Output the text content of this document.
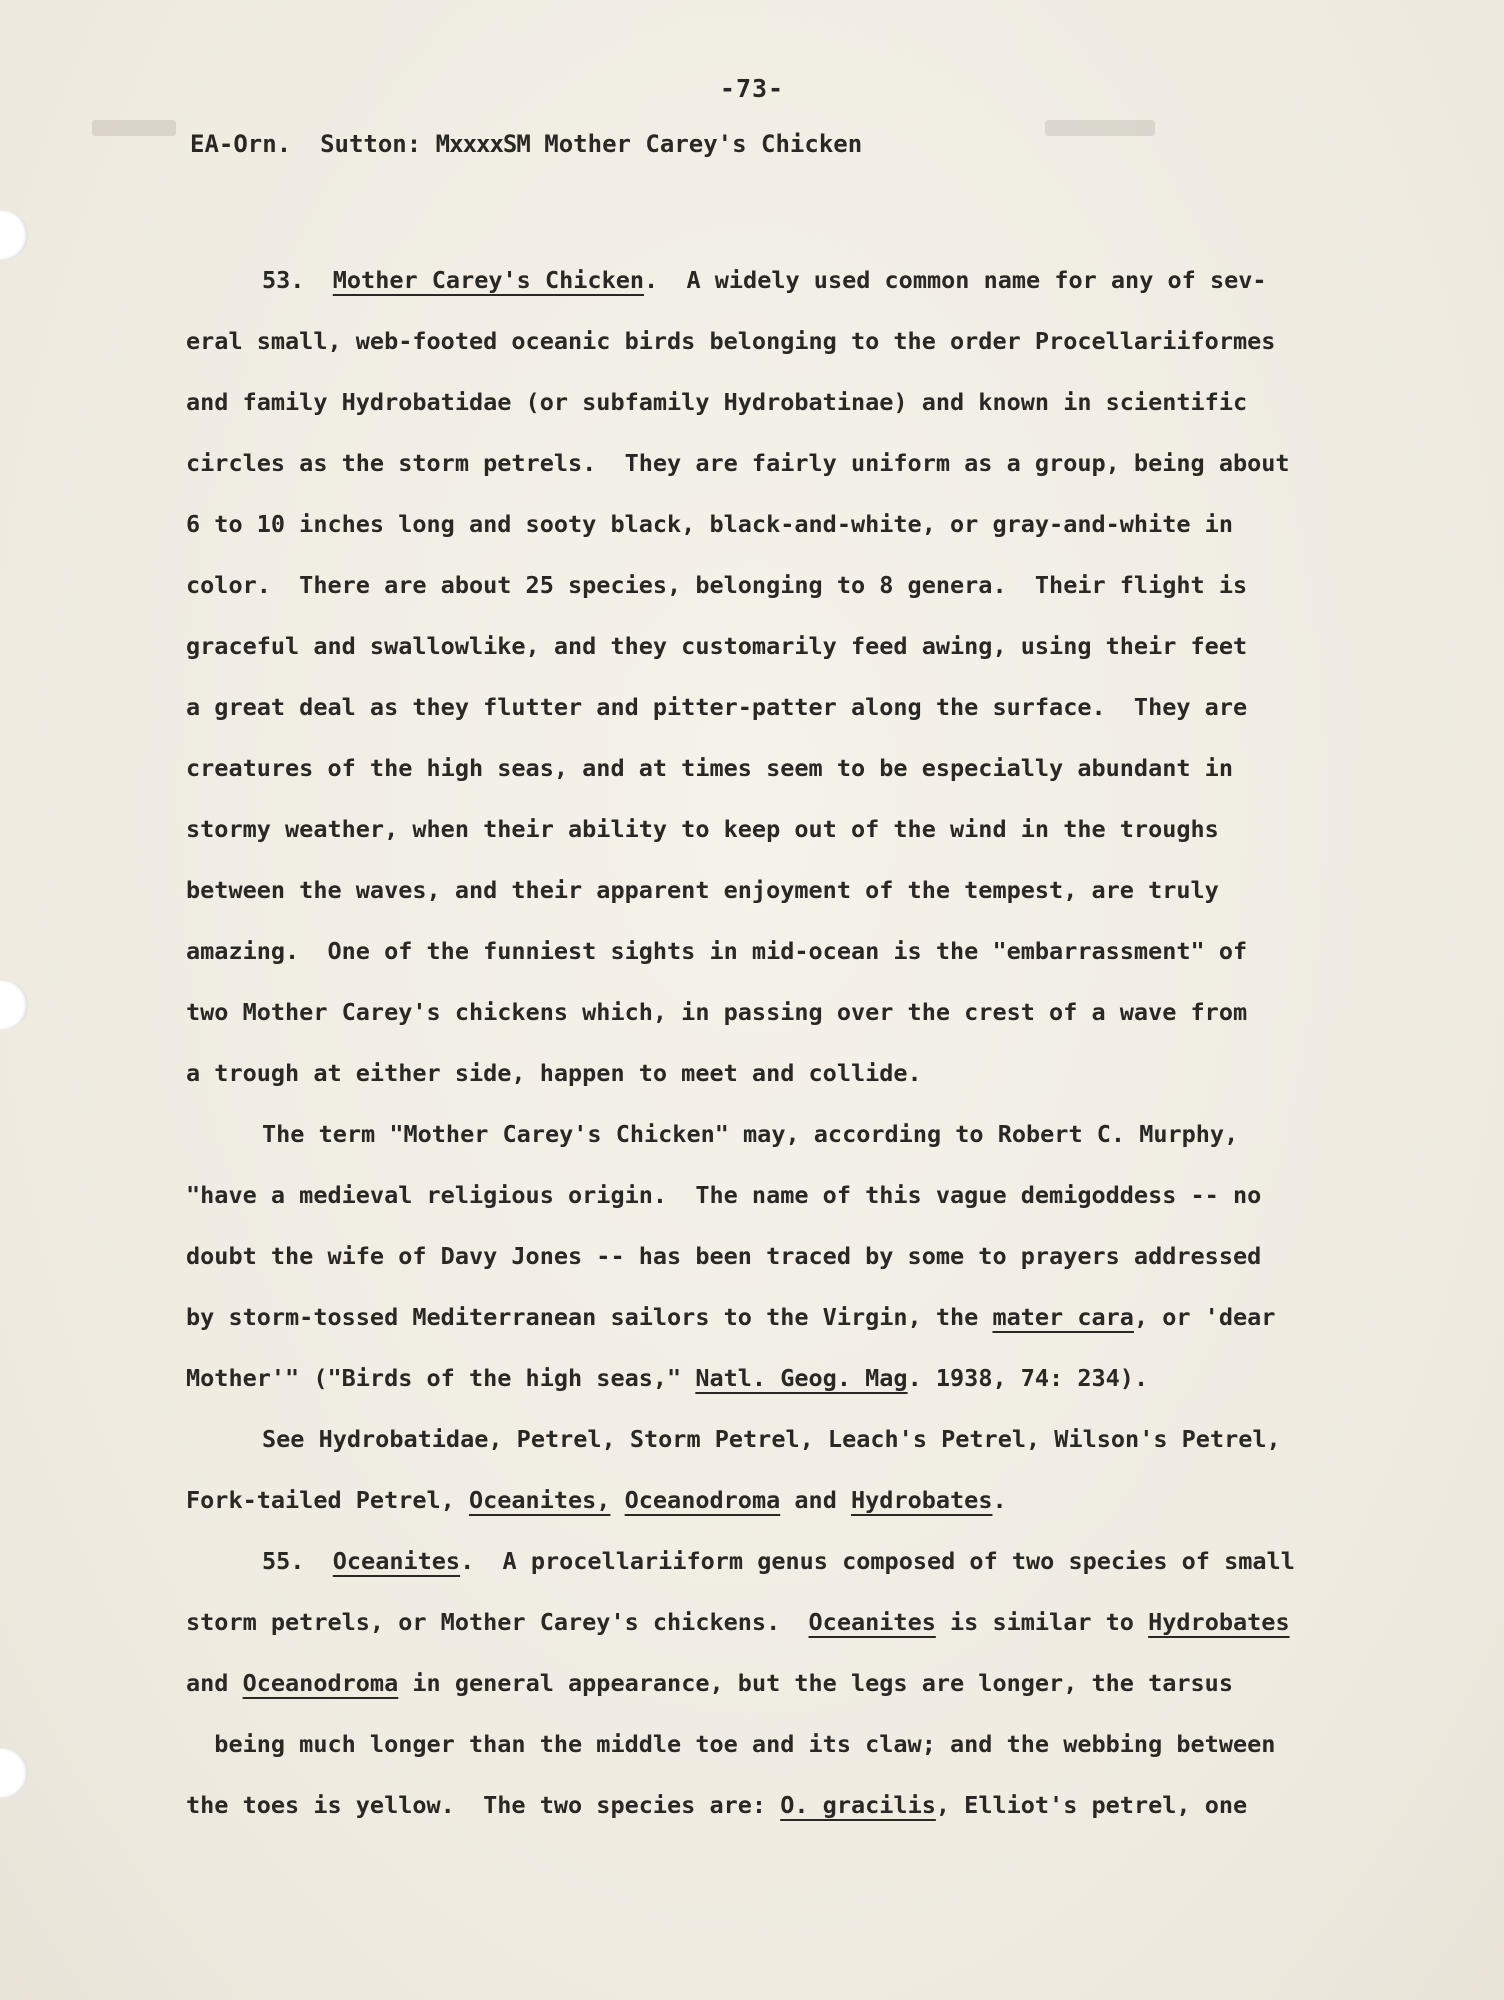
-73-
EA-Orn. Sutton: MxxxxSM Mother Carey's Chicken
53.  Mother Carey's Chicken.  A widely used common name for any of sev-
eral small, web-footed oceanic birds belonging to the order Procellariiformes
and family Hydrobatidae (or subfamily Hydrobatinae) and known in scientific
circles as the storm petrels.  They are fairly uniform as a group, being about
6 to 10 inches long and sooty black, black-and-white, or gray-and-white in
color.  There are about 25 species, belonging to 8 genera.  Their flight is
graceful and swallowlike, and they customarily feed awing, using their feet
a great deal as they flutter and pitter-patter along the surface.  They are
creatures of the high seas, and at times seem to be especially abundant in
stormy weather, when their ability to keep out of the wind in the troughs
between the waves, and their apparent enjoyment of the tempest, are truly
amazing.  One of the funniest sights in mid-ocean is the "embarrassment" of
two Mother Carey's chickens which, in passing over the crest of a wave from
a trough at either side, happen to meet and collide.
The term "Mother Carey's Chicken" may, according to Robert C. Murphy,
"have a medieval religious origin.  The name of this vague demigoddess -- no
doubt the wife of Davy Jones -- has been traced by some to prayers addressed
by storm-tossed Mediterranean sailors to the Virgin, the mater cara, or 'dear
Mother'" ("Birds of the high seas," Natl. Geog. Mag. 1938, 74: 234).
See Hydrobatidae, Petrel, Storm Petrel, Leach's Petrel, Wilson's Petrel,
Fork-tailed Petrel, Oceanites, Oceanodroma and Hydrobates.
55.  Oceanites.  A procellariiform genus composed of two species of small
storm petrels, or Mother Carey's chickens.  Oceanites is similar to Hydrobates
and Oceanodroma in general appearance, but the legs are longer, the tarsus
being much longer than the middle toe and its claw; and the webbing between
the toes is yellow.  The two species are: O. gracilis, Elliot's petrel, one
